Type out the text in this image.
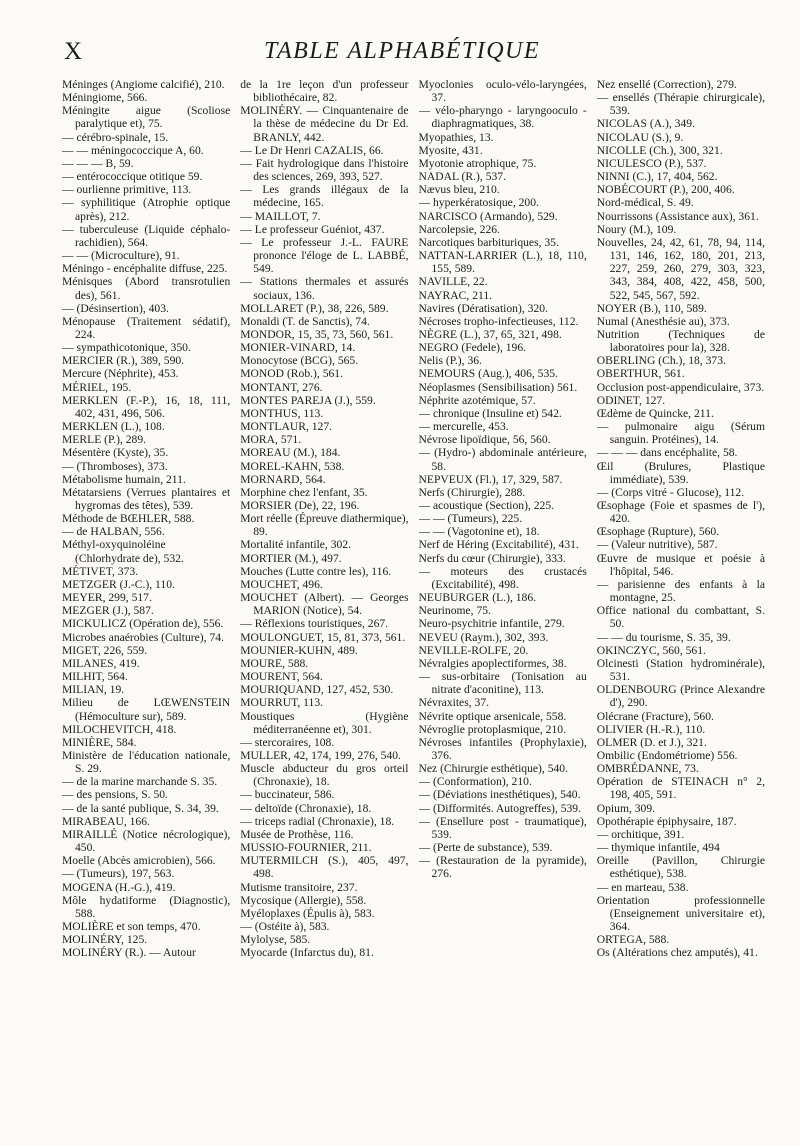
X	TABLE ALPHABÉTIQUE
Méninges (Angiome calcifié), 210.
Méningiome, 566.
Méningite aigue (Scoliose paralytique et), 75.
— cérébro-spinale, 15.
— — méningococcique A, 60.
— — — B, 59.
— entérococcique otitique 59.
— ourlienne primitive, 113.
— syphilitique (Atrophie optique après), 212.
— tuberculeuse (Liquide céphalo-rachidien), 564.
— — (Microculture), 91.
Méningo - encéphalite diffuse, 225.
Ménisques (Abord transrotulien des), 561.
— (Désinsertion), 403.
Ménopause (Traitement sédatif), 224.
— sympathicotonique, 350.
MERCIER (R.), 389, 590.
Mercure (Néphrite), 453.
MÉRIEL, 195.
MERKLEN (F.-P.), 16, 18, 111, 402, 431, 496, 506.
MERKLEN (L.), 108.
MERLE (P.), 289.
Mésentère (Kyste), 35.
— (Thromboses), 373.
Métabolisme humain, 211.
Métatarsiens (Verrues plantaires et hygromas des têtes), 539.
Méthode de BŒHLER, 588.
— de HALBAN, 556.
Méthyl-oxyquinoléine (Chlorhydrate de), 532.
MÉTIVET, 373.
METZGER (J.-C.), 110.
MEYER, 299, 517.
MEZGER (J.), 587.
MICKULICZ (Opération de), 556.
Microbes anaérobies (Culture), 74.
MIGET, 226, 559.
MILANES, 419.
MILHIT, 564.
MILIAN, 19.
Milieu de LŒWENSTEIN (Hémoculture sur), 589.
MILOCHEVITCH, 418.
MINIÈRE, 584.
Ministère de l'éducation nationale, S. 29.
— de la marine marchande S. 35.
— des pensions, S. 50.
— de la santé publique, S. 34, 39.
MIRABEAU, 166.
MIRAILLÉ (Notice nécrologique), 450.
Moelle (Abcès amicrobien), 566.
— (Tumeurs), 197, 563.
MOGENA (H.-G.), 419.
Môle hydatiforme (Diagnostic), 588.
MOLIÈRE et son temps, 470.
MOLINÉRY, 125.
MOLINÉRY (R.). — Autour
de la 1re leçon d'un professeur bibliothécaire, 82.
MOLINÉRY. — Cinquantenaire de la thèse de médecine du Dr Ed. BRANLY, 442.
— Le Dr Henri CAZALIS, 66.
— Fait hydrologique dans l'histoire des sciences, 269, 393, 527.
— Les grands illégaux de la médecine, 165.
— MAILLOT, 7.
— Le professeur Guéniot, 437.
— Le professeur J.-L. FAURE prononce l'éloge de L. LABBÉ, 549.
— Stations thermales et assurés sociaux, 136.
MOLLARET (P.), 38, 226, 589.
Monaldi (T. de Sanctis), 74.
MONDOR, 15, 35, 73, 560, 561.
MONIER-VINARD, 14.
Monocytose (BCG), 565.
MONOD (Rob.), 561.
MONTANT, 276.
MONTES PAREJA (J.), 559.
MONTHUS, 113.
MONTLAUR, 127.
MORA, 571.
MOREAU (M.), 184.
MOREL-KAHN, 538.
MORNARD, 564.
Morphine chez l'enfant, 35.
MORSIER (De), 22, 196.
Mort réelle (Épreuve diathermique), 89.
Mortalité infantile, 302.
MORTIER (M.), 497.
Mouches (Lutte contre les), 116.
MOUCHET, 496.
MOUCHET (Albert). — Georges MARION (Notice), 54.
— Réflexions touristiques, 267.
MOULONGUET, 15, 81, 373, 561.
MOUNIER-KUHN, 489.
MOURE, 588.
MOURENT, 564.
MOURIQUAND, 127, 452, 530.
MOURRUT, 113.
Moustiques (Hygiène méditerranéenne et), 301.
— stercoraires, 108.
MULLER, 42, 174, 199, 276, 540.
Muscle abducteur du gros orteil (Chronaxie), 18.
— buccinateur, 586.
— deltoïde (Chronaxie), 18.
— triceps radial (Chronaxie), 18.
Musée de Prothèse, 116.
MUSSIO-FOURNIER, 211.
MUTERMILCH (S.), 405, 497, 498.
Mutisme transitoire, 237.
Mycosique (Allergie), 558.
Myéloplaxes (Épulis à), 583.
— (Ostéite à), 583.
Mylolyse, 585.
Myocarde (Infarctus du), 81.
Myoclonies oculo-vélo-laryngées, 37.
— vélo-pharyngo - laryngooculo - diaphragmatiques, 38.
Myopathies, 13.
Myosite, 431.
Myotonie atrophique, 75.
NADAL (R.), 537.
Nævus bleu, 210.
— hyperkératosique, 200.
NARCISCO (Armando), 529.
Narcolepsie, 226.
Narcotiques barbituriques, 35.
NATTAN-LARRIER (L.), 18, 110, 155, 589.
NAVILLE, 22.
NAYRAC, 211.
Navires (Dératisation), 320.
Nécroses tropho-infectieuses, 112.
NÈGRE (L.), 37, 65, 321, 498.
NEGRO (Fedele), 196.
Nelis (P.), 36.
NEMOURS (Aug.), 406, 535.
Néoplasmes (Sensibilisation) 561.
Néphrite azotémique, 57.
— chronique (Insuline et) 542.
— mercurelle, 453.
Névrose lipoïdique, 56, 560.
— (Hydro-) abdominale antérieure, 58.
NEPVEUX (Fl.), 17, 329, 587.
Nerfs (Chirurgie), 288.
— acoustique (Section), 225.
— — (Tumeurs), 225.
— — (Vagotonine et), 18.
Nerf de Héring (Excitabilité), 431.
Nerfs du cœur (Chirurgie), 333.
— moteurs des crustacés (Excitabilité), 498.
NEUBURGER (L.), 186.
Neurinome, 75.
Neuro-psychitrie infantile, 279.
NEVEU (Raym.), 302, 393.
NEVILLE-ROLFE, 20.
Névralgies apoplectiformes, 38.
— sus-orbitaire (Tonisation au nitrate d'aconitine), 113.
Névraxites, 37.
Névrite optique arsenicale, 558.
Névroglie protoplasmique, 210.
Névroses infantiles (Prophylaxie), 376.
Nez (Chirurgie esthétique), 540.
— (Conformation), 210.
— (Déviations inesthétiques), 540.
— (Difformités. Autogreffes), 539.
— (Ensellure post - traumatique), 539.
— (Perte de substance), 539.
— (Restauration de la pyramide), 276.
Nez ensellé (Correction), 279.
— ensellés (Thérapie chirurgicale), 539.
NICOLAS (A.), 349.
NICOLAU (S.), 9.
NICOLLE (Ch.), 300, 321.
NICULESCO (P.), 537.
NINNI (C.), 17, 404, 562.
NOBÉCOURT (P.), 200, 406.
Nord-médical, S. 49.
Nourrissons (Assistance aux), 361.
Noury (M.), 109.
Nouvelles, 24, 42, 61, 78, 94, 114, 131, 146, 162, 180, 201, 213, 227, 259, 260, 279, 303, 323, 343, 384, 408, 422, 458, 500, 522, 545, 567, 592.
NOYER (B.), 110, 589.
Numal (Anesthésie au), 373.
Nutrition (Techniques de laboratoires pour la), 328.
OBERLING (Ch.), 18, 373.
OBERTHUR, 561.
Occlusion post-appendiculaire, 373.
ODINET, 127.
Œdème de Quincke, 211.
— pulmonaire aigu (Sérum sanguin. Protéines), 14.
— — — dans encéphalite, 58.
Œil (Brulures, Plastique immédiate), 539.
— (Corps vitré - Glucose), 112.
Œsophage (Foie et spasmes de l'), 420.
Œsophage (Rupture), 560.
— (Valeur nutritive), 587.
Œuvre de musique et poésie à l'hôpital, 546.
— parisienne des enfants à la montagne, 25.
Office national du combattant, S. 50.
— — du tourisme, S. 35, 39.
OKINCZYC, 560, 561.
Olcinesti (Station hydrominérale), 531.
OLDENBOURG (Prince Alexandre d'), 290.
Olécrane (Fracture), 560.
OLIVIER (H.-R.), 110.
OLMER (D. et J.), 321.
Ombilic (Endométriome) 556.
OMBRÉDANNE, 73.
Opération de STEINACH n° 2, 198, 405, 591.
Opium, 309.
Opothérapie épiphysaire, 187.
— orchitique, 391.
— thymique infantile, 494
Oreille (Pavillon, Chirurgie esthétique), 538.
— en marteau, 538.
Orientation professionnelle (Enseignement universitaire et), 364.
ORTEGA, 588.
Os (Altérations chez amputés), 41.
